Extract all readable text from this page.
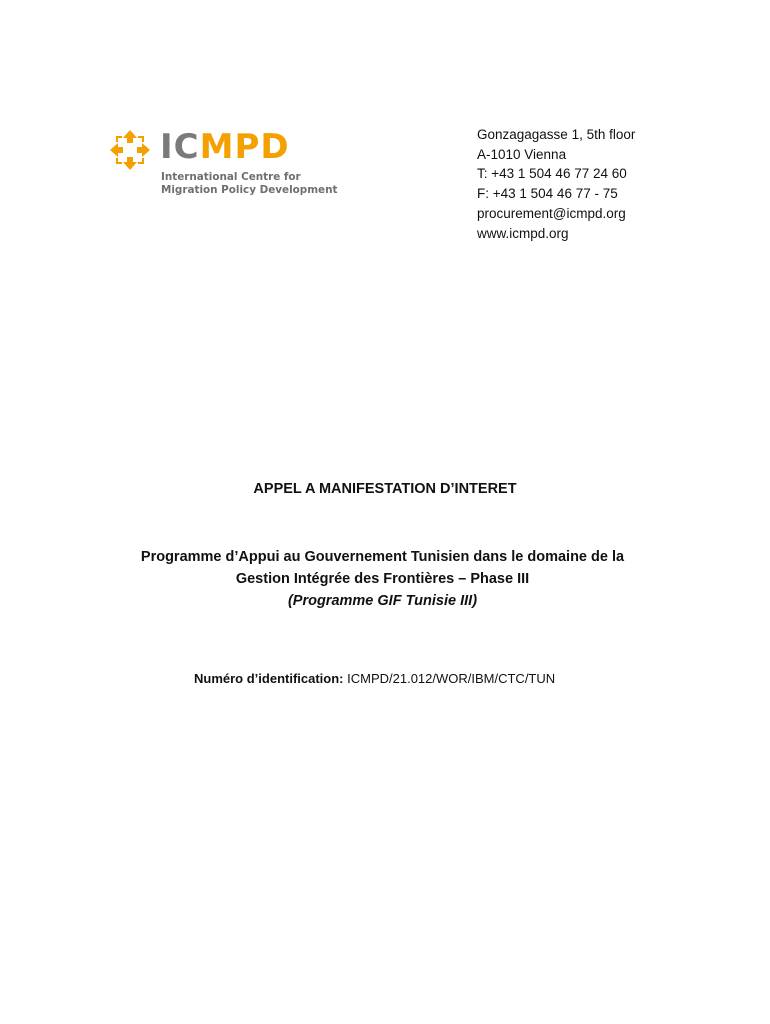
ICMPD
International Centre for
Migration Policy Development
Gonzagagasse 1, 5th floor
A-1010 Vienna
T: +43 1 504 46 77 24 60
F: +43 1 504 46 77 - 75
procurement@icmpd.org
www.icmpd.org
APPEL A MANIFESTATION D’INTERET
Programme d’Appui au Gouvernement Tunisien dans le domaine de la
Gestion Intégrée des Frontières – Phase III
(Programme GIF Tunisie III)
Numéro d’identification: ICMPD/21.012/WOR/IBM/CTC/TUN
